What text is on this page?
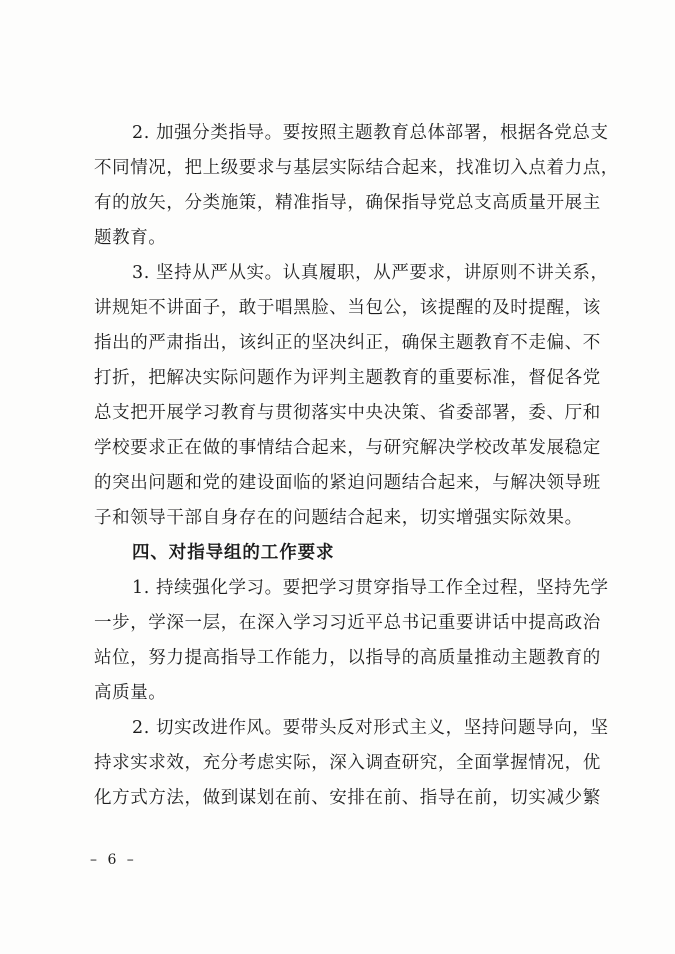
2. 加强分类指导。要按照主题教育总体部署，根据各党总支
不同情况，把上级要求与基层实际结合起来，找准切入点着力点，
有的放矢，分类施策，精准指导，确保指导党总支高质量开展主
题教育。
3. 坚持从严从实。认真履职，从严要求，讲原则不讲关系，
讲规矩不讲面子，敢于唱黑脸、当包公，该提醒的及时提醒，该
指出的严肃指出，该纠正的坚决纠正，确保主题教育不走偏、不
打折，把解决实际问题作为评判主题教育的重要标准，督促各党
总支把开展学习教育与贯彻落实中央决策、省委部署，委、厅和
学校要求正在做的事情结合起来，与研究解决学校改革发展稳定
的突出问题和党的建设面临的紧迫问题结合起来，与解决领导班
子和领导干部自身存在的问题结合起来，切实增强实际效果。
四、对指导组的工作要求
1. 持续强化学习。要把学习贯穿指导工作全过程，坚持先学
一步，学深一层，在深入学习习近平总书记重要讲话中提高政治
站位，努力提高指导工作能力，以指导的高质量推动主题教育的
高质量。
2. 切实改进作风。要带头反对形式主义，坚持问题导向，坚
持求实求效，充分考虑实际，深入调查研究，全面掌握情况，优
化方式方法，做到谋划在前、安排在前、指导在前，切实减少繁
– 6 –
